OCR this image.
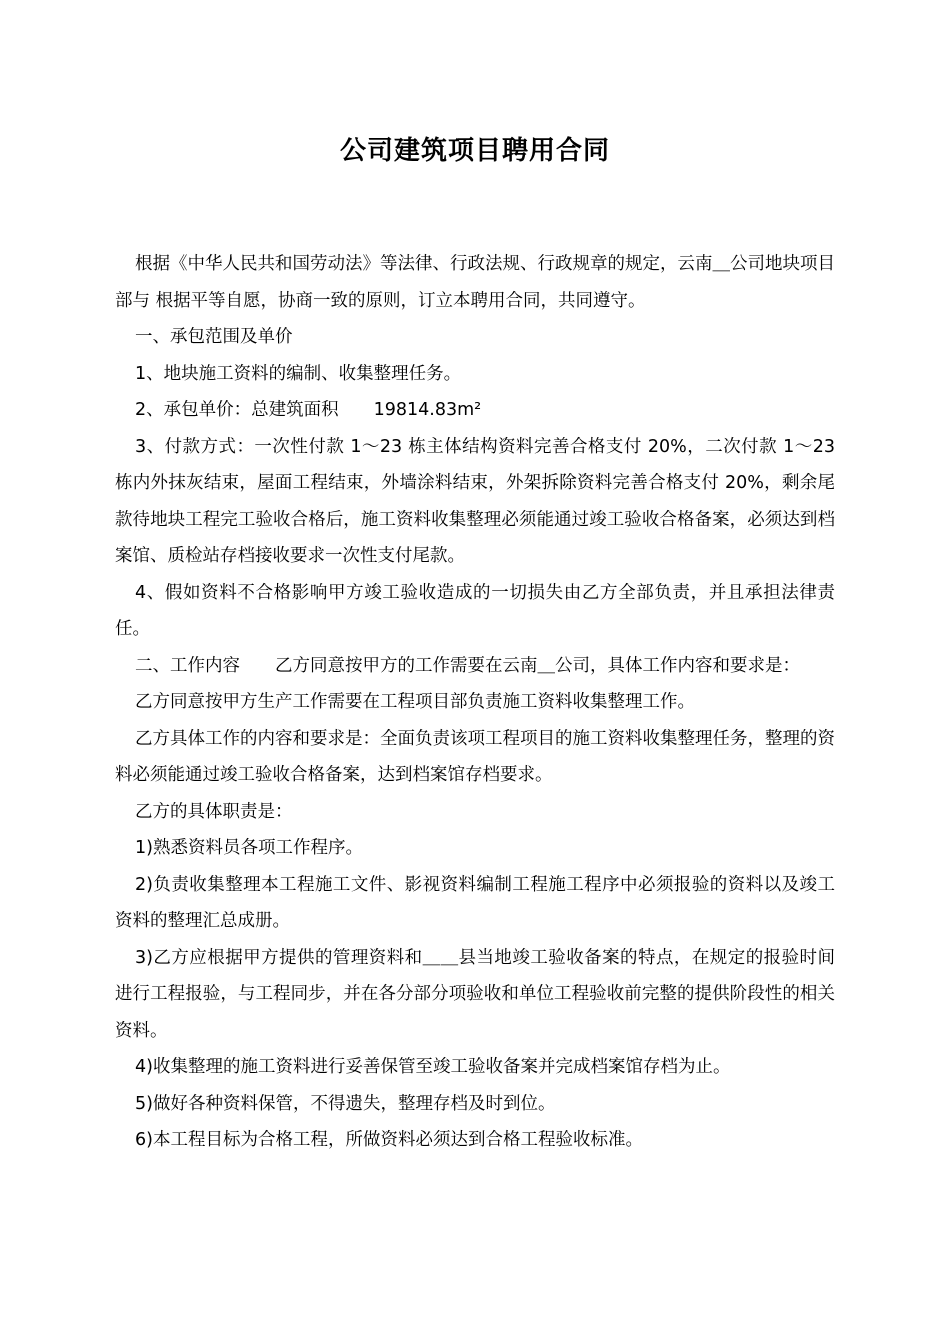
公司建筑项目聘用合同

根据《中华人民共和国劳动法》等法律、行政法规、行政规章的规定，云南＿公司地块项目部与 根据平等自愿，协商一致的原则，订立本聘用合同，共同遵守。

一、承包范围及单价

1、地块施工资料的编制、收集整理任务。

2、承包单价：总建筑面积　　19814.83m²

3、付款方式：一次性付款 1～23 栋主体结构资料完善合格支付 20%，二次付款 1～23 栋内外抹灰结束，屋面工程结束，外墙涂料结束，外架拆除资料完善合格支付 20%，剩余尾款待地块工程完工验收合格后，施工资料收集整理必须能通过竣工验收合格备案，必须达到档案馆、质检站存档接收要求一次性支付尾款。

4、假如资料不合格影响甲方竣工验收造成的一切损失由乙方全部负责，并且承担法律责任。

二、工作内容　　乙方同意按甲方的工作需要在云南＿公司，具体工作内容和要求是：

乙方同意按甲方生产工作需要在工程项目部负责施工资料收集整理工作。

乙方具体工作的内容和要求是：全面负责该项工程项目的施工资料收集整理任务，整理的资料必须能通过竣工验收合格备案，达到档案馆存档要求。

乙方的具体职责是：

1)熟悉资料员各项工作程序。

2)负责收集整理本工程施工文件、影视资料编制工程施工程序中必须报验的资料以及竣工资料的整理汇总成册。

3)乙方应根据甲方提供的管理资料和＿＿县当地竣工验收备案的特点，在规定的报验时间进行工程报验，与工程同步，并在各分部分项验收和单位工程验收前完整的提供阶段性的相关资料。

4)收集整理的施工资料进行妥善保管至竣工验收备案并完成档案馆存档为止。

5)做好各种资料保管，不得遗失，整理存档及时到位。

6)本工程目标为合格工程，所做资料必须达到合格工程验收标准。
